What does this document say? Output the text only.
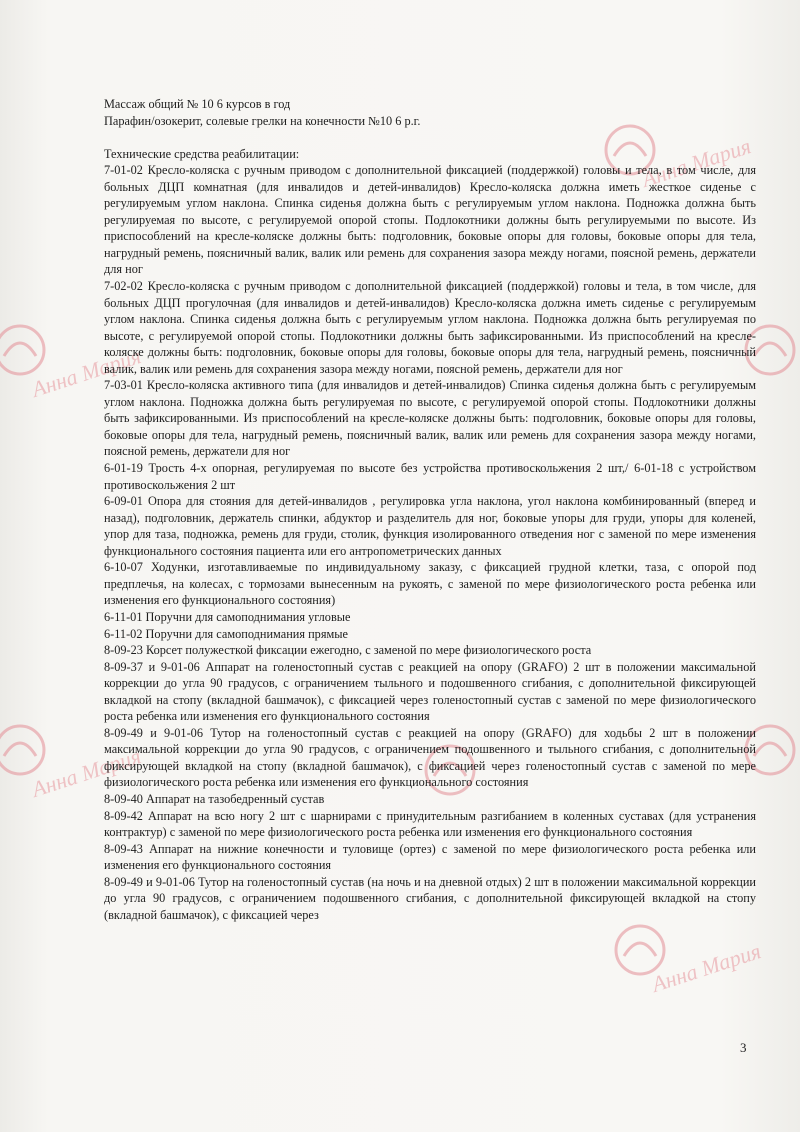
Анна Мария
Анна Мария
Анна Мария
Анна Мария
Массаж общий № 10 6 курсов в год
Парафин/озокерит, солевые грелки на конечности №10 6 р.г.
Технические средства реабилитации:
7-01-02 Кресло-коляска с ручным приводом с дополнительной фиксацией (поддержкой) головы и тела, в том числе, для больных ДЦП комнатная (для инвалидов и детей-инвалидов) Кресло-коляска должна иметь жесткое сиденье с регулируемым углом наклона. Спинка сиденья должна быть с регулируемым углом наклона. Подножка должна быть регулируемая по высоте, с регулируемой опорой стопы. Подлокотники должны быть регулируемыми по высоте. Из приспособлений на кресле-коляске должны быть: подголовник, боковые опоры для головы, боковые опоры для тела, нагрудный ремень, поясничный валик, валик или ремень для сохранения зазора между ногами, поясной ремень, держатели для ног
7-02-02 Кресло-коляска с ручным приводом с дополнительной фиксацией (поддержкой) головы и тела, в том числе, для больных ДЦП прогулочная (для инвалидов и детей-инвалидов) Кресло-коляска должна иметь сиденье с регулируемым углом наклона. Спинка сиденья должна быть с регулируемым углом наклона. Подножка должна быть регулируемая по высоте, с регулируемой опорой стопы. Подлокотники должны быть зафиксированными. Из приспособлений на кресле-коляске должны быть: подголовник, боковые опоры для головы, боковые опоры для тела, нагрудный ремень, поясничный валик, валик или ремень для сохранения зазора между ногами, поясной ремень, держатели для ног
7-03-01 Кресло-коляска активного типа (для инвалидов и детей-инвалидов) Спинка сиденья должна быть с регулируемым углом наклона. Подножка должна быть регулируемая по высоте, с регулируемой опорой стопы. Подлокотники должны быть зафиксированными. Из приспособлений на кресле-коляске должны быть: подголовник, боковые опоры для головы, боковые опоры для тела, нагрудный ремень, поясничный валик, валик или ремень для сохранения зазора между ногами, поясной ремень, держатели для ног
6-01-19 Трость 4-х опорная, регулируемая по высоте без устройства противоскольжения 2 шт,/ 6-01-18 с устройством противоскольжения 2 шт
6-09-01 Опора для стояния для детей-инвалидов , регулировка угла наклона, угол наклона комбинированный (вперед и назад), подголовник, держатель спинки, абдуктор и разделитель для ног, боковые упоры для груди, упоры для коленей, упор для таза, подножка, ремень для груди, столик, функция изолированного отведения ног с заменой по мере изменения функционального состояния пациента или его антропометрических данных
6-10-07 Ходунки, изготавливаемые по индивидуальному заказу, с фиксацией грудной клетки, таза, с опорой под предплечья, на колесах, с тормозами вынесенным на рукоять, с заменой по мере физиологического роста ребенка или изменения его функционального состояния)
6-11-01 Поручни для самоподнимания угловые
6-11-02 Поручни для самоподнимания прямые
8-09-23 Корсет полужесткой фиксации ежегодно, с заменой по мере физиологического роста
8-09-37 и 9-01-06 Аппарат на голеностопный сустав с реакцией на опору (GRAFO) 2 шт в положении максимальной коррекции до угла 90 градусов, с ограничением тыльного и подошвенного сгибания, с дополнительной фиксирующей вкладкой на стопу (вкладной башмачок), с фиксацией через голеностопный сустав с заменой по мере физиологического роста ребенка или изменения его функционального состояния
8-09-49 и 9-01-06 Тутор на голеностопный сустав с реакцией на опору (GRAFO) для ходьбы 2 шт в положении максимальной коррекции до угла 90 градусов, с ограничением подошвенного и тыльного сгибания, с дополнительной фиксирующей вкладкой на стопу (вкладной башмачок), с фиксацией через голеностопный сустав с заменой по мере физиологического роста ребенка или изменения его функционального состояния
8-09-40 Аппарат на тазобедренный сустав
8-09-42 Аппарат на всю ногу 2 шт с шарнирами с принудительным разгибанием в коленных суставах (для устранения контрактур) с заменой по мере физиологического роста ребенка или изменения его функционального состояния
8-09-43 Аппарат на нижние конечности и туловище (ортез) с заменой по мере физиологического роста ребенка или изменения его функционального состояния
8-09-49 и 9-01-06 Тутор на голеностопный сустав (на ночь и на дневной отдых) 2 шт в положении максимальной коррекции до угла 90 градусов, с ограничением подошвенного сгибания, с дополнительной фиксирующей вкладкой на стопу (вкладной башмачок), с фиксацией через
3
